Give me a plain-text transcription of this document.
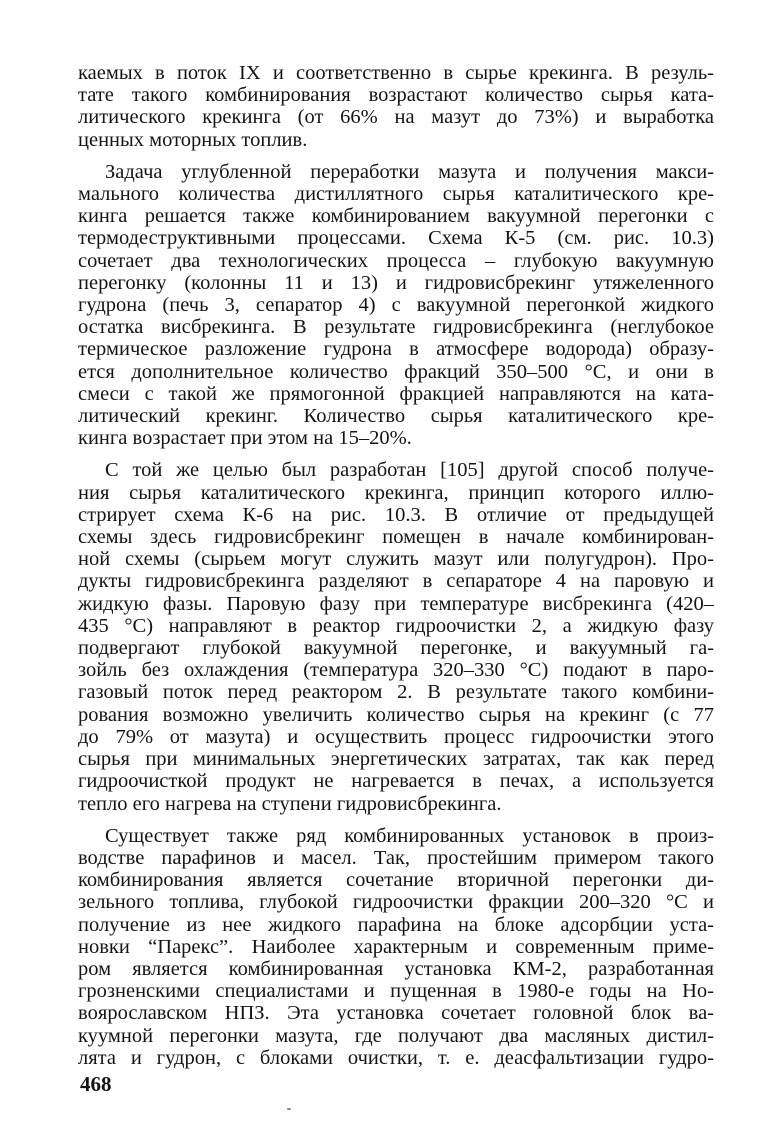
каемых в поток IX и соответственно в сырье крекинга. В резуль-
тате такого комбинирования возрастают количество сырья ката-
литического крекинга (от 66% на мазут до 73%) и выработка
ценных моторных топлив.

Задача углубленной переработки мазута и получения макси-
мального количества дистиллятного сырья каталитического кре-
кинга решается также комбинированием вакуумной перегонки с
термодеструктивными процессами. Схема К-5 (см. рис. 10.3)
сочетает два технологических процесса – глубокую вакуумную
перегонку (колонны 11 и 13) и гидровисбрекинг утяжеленного
гудрона (печь 3, сепаратор 4) с вакуумной перегонкой жидкого
остатка висбрекинга. В результате гидровисбрекинга (неглубокое
термическое разложение гудрона в атмосфере водорода) образу-
ется дополнительное количество фракций 350–500 °С, и они в
смеси с такой же прямогонной фракцией направляются на ката-
литический крекинг. Количество сырья каталитического кре-
кинга возрастает при этом на 15–20%.

С той же целью был разработан [105] другой способ получе-
ния сырья каталитического крекинга, принцип которого иллю-
стрирует схема К-6 на рис. 10.3. В отличие от предыдущей
схемы здесь гидровисбрекинг помещен в начале комбинирован-
ной схемы (сырьем могут служить мазут или полугудрон). Про-
дукты гидровисбрекинга разделяют в сепараторе 4 на паровую и
жидкую фазы. Паровую фазу при температуре висбрекинга (420–
435 °С) направляют в реактор гидроочистки 2, а жидкую фазу
подвергают глубокой вакуумной перегонке, и вакуумный га-
зойль без охлаждения (температура 320–330 °С) подают в паро-
газовый поток перед реактором 2. В результате такого комбини-
рования возможно увеличить количество сырья на крекинг (с 77
до 79% от мазута) и осуществить процесс гидроочистки этого
сырья при минимальных энергетических затратах, так как перед
гидроочисткой продукт не нагревается в печах, а используется
тепло его нагрева на ступени гидровисбрекинга.

Существует также ряд комбинированных установок в произ-
водстве парафинов и масел. Так, простейшим примером такого
комбинирования является сочетание вторичной перегонки ди-
зельного топлива, глубокой гидроочистки фракции 200–320 °С и
получение из нее жидкого парафина на блоке адсорбции уста-
новки “Парекс”. Наиболее характерным и современным приме-
ром является комбинированная установка КМ-2, разработанная
грозненскими специалистами и пущенная в 1980-е годы на Но-
вoярославском НПЗ. Эта установка сочетает головной блок ва-
куумной перегонки мазута, где получают два масляных дистил-
лята и гудрон, с блоками очистки, т. е. деасфальтизации гудро-

468
